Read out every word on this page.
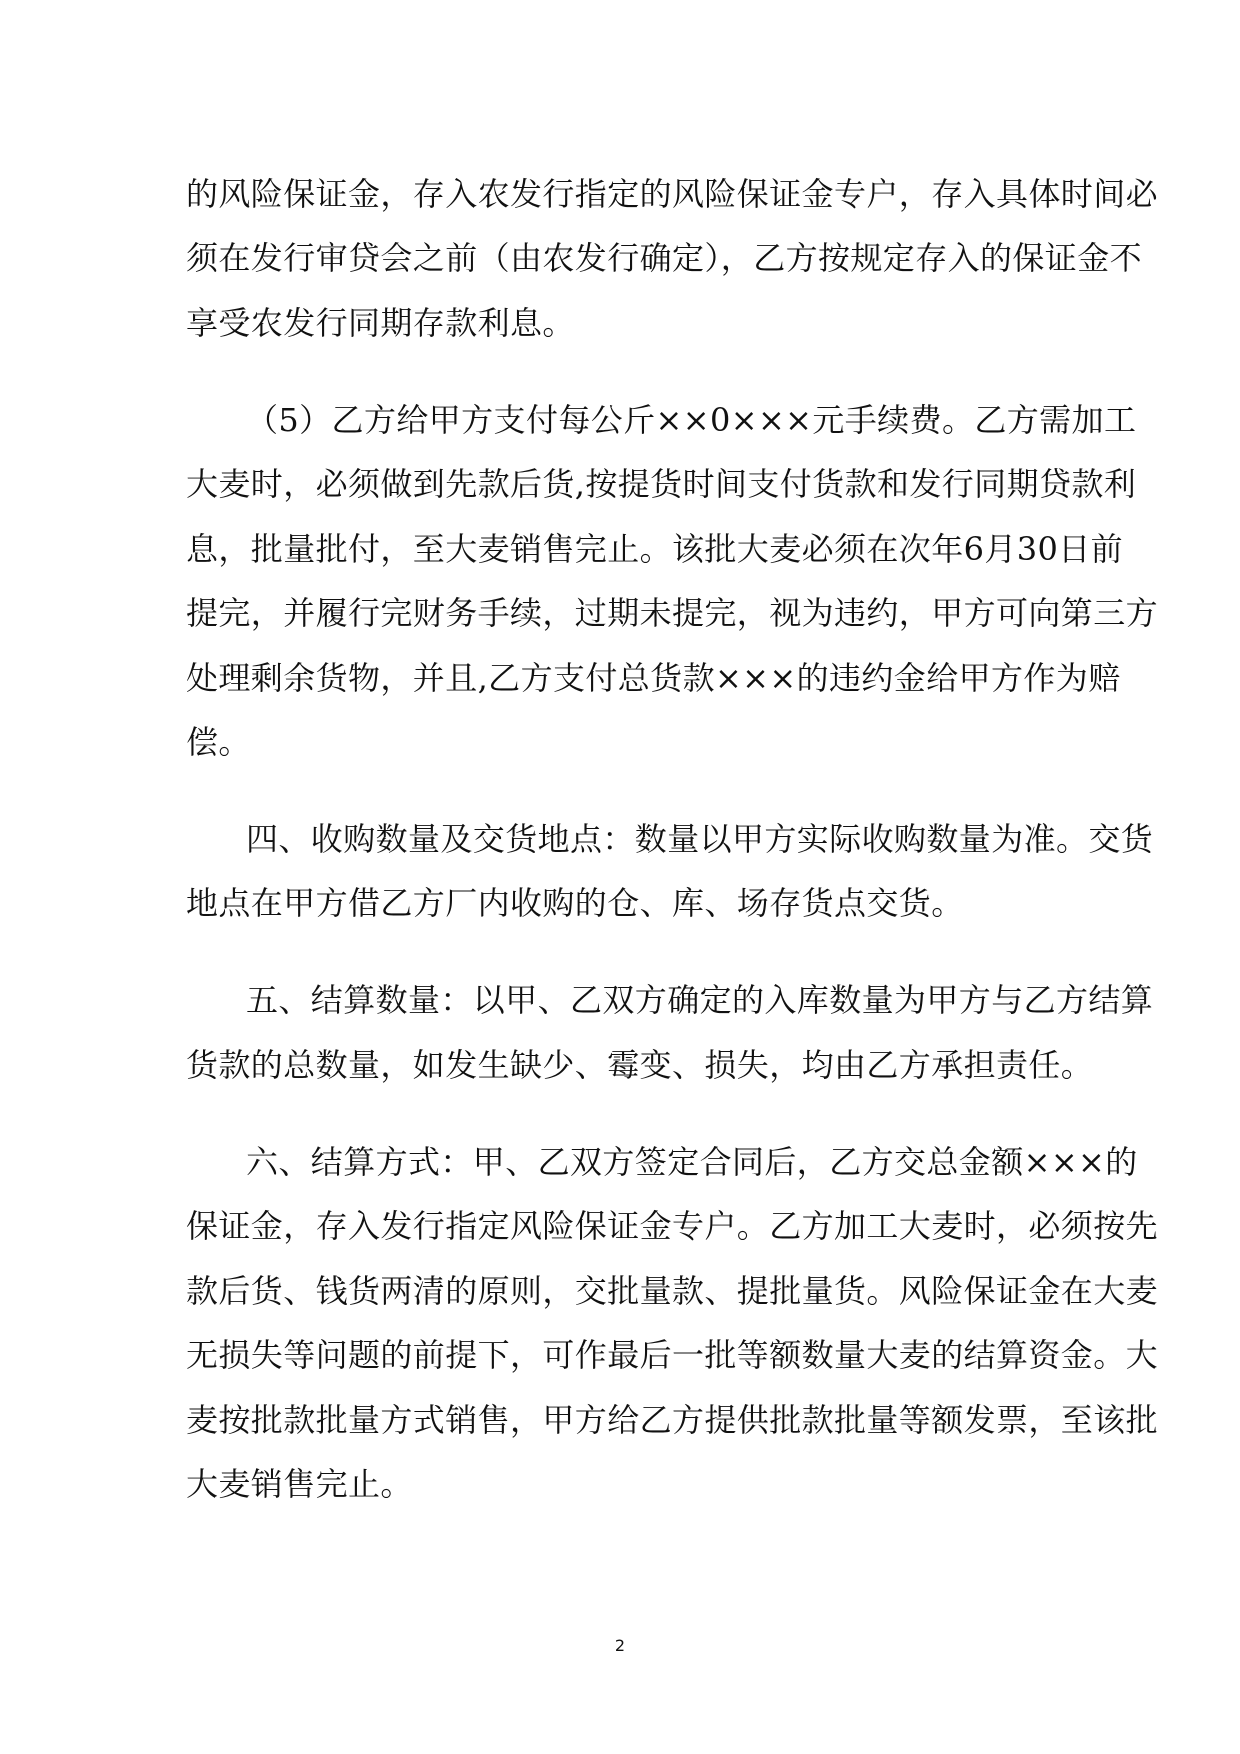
的风险保证金，存入农发行指定的风险保证金专户，存入具体时间必
须在发行审贷会之前（由农发行确定），乙方按规定存入的保证金不
享受农发行同期存款利息。
（5）乙方给甲方支付每公斤××0×××元手续费。乙方需加工
大麦时，必须做到先款后货,按提货时间支付货款和发行同期贷款利
息，批量批付，至大麦销售完止。该批大麦必须在次年6月30日前
提完，并履行完财务手续，过期未提完，视为违约，甲方可向第三方
处理剩余货物，并且,乙方支付总货款×××的违约金给甲方作为赔
偿。
四、收购数量及交货地点：数量以甲方实际收购数量为准。交货
地点在甲方借乙方厂内收购的仓、库、场存货点交货。
五、结算数量：以甲、乙双方确定的入库数量为甲方与乙方结算
货款的总数量，如发生缺少、霉变、损失，均由乙方承担责任。
六、结算方式：甲、乙双方签定合同后，乙方交总金额×××的
保证金，存入发行指定风险保证金专户。乙方加工大麦时，必须按先
款后货、钱货两清的原则，交批量款、提批量货。风险保证金在大麦
无损失等问题的前提下，可作最后一批等额数量大麦的结算资金。大
麦按批款批量方式销售，甲方给乙方提供批款批量等额发票，至该批
大麦销售完止。
2
